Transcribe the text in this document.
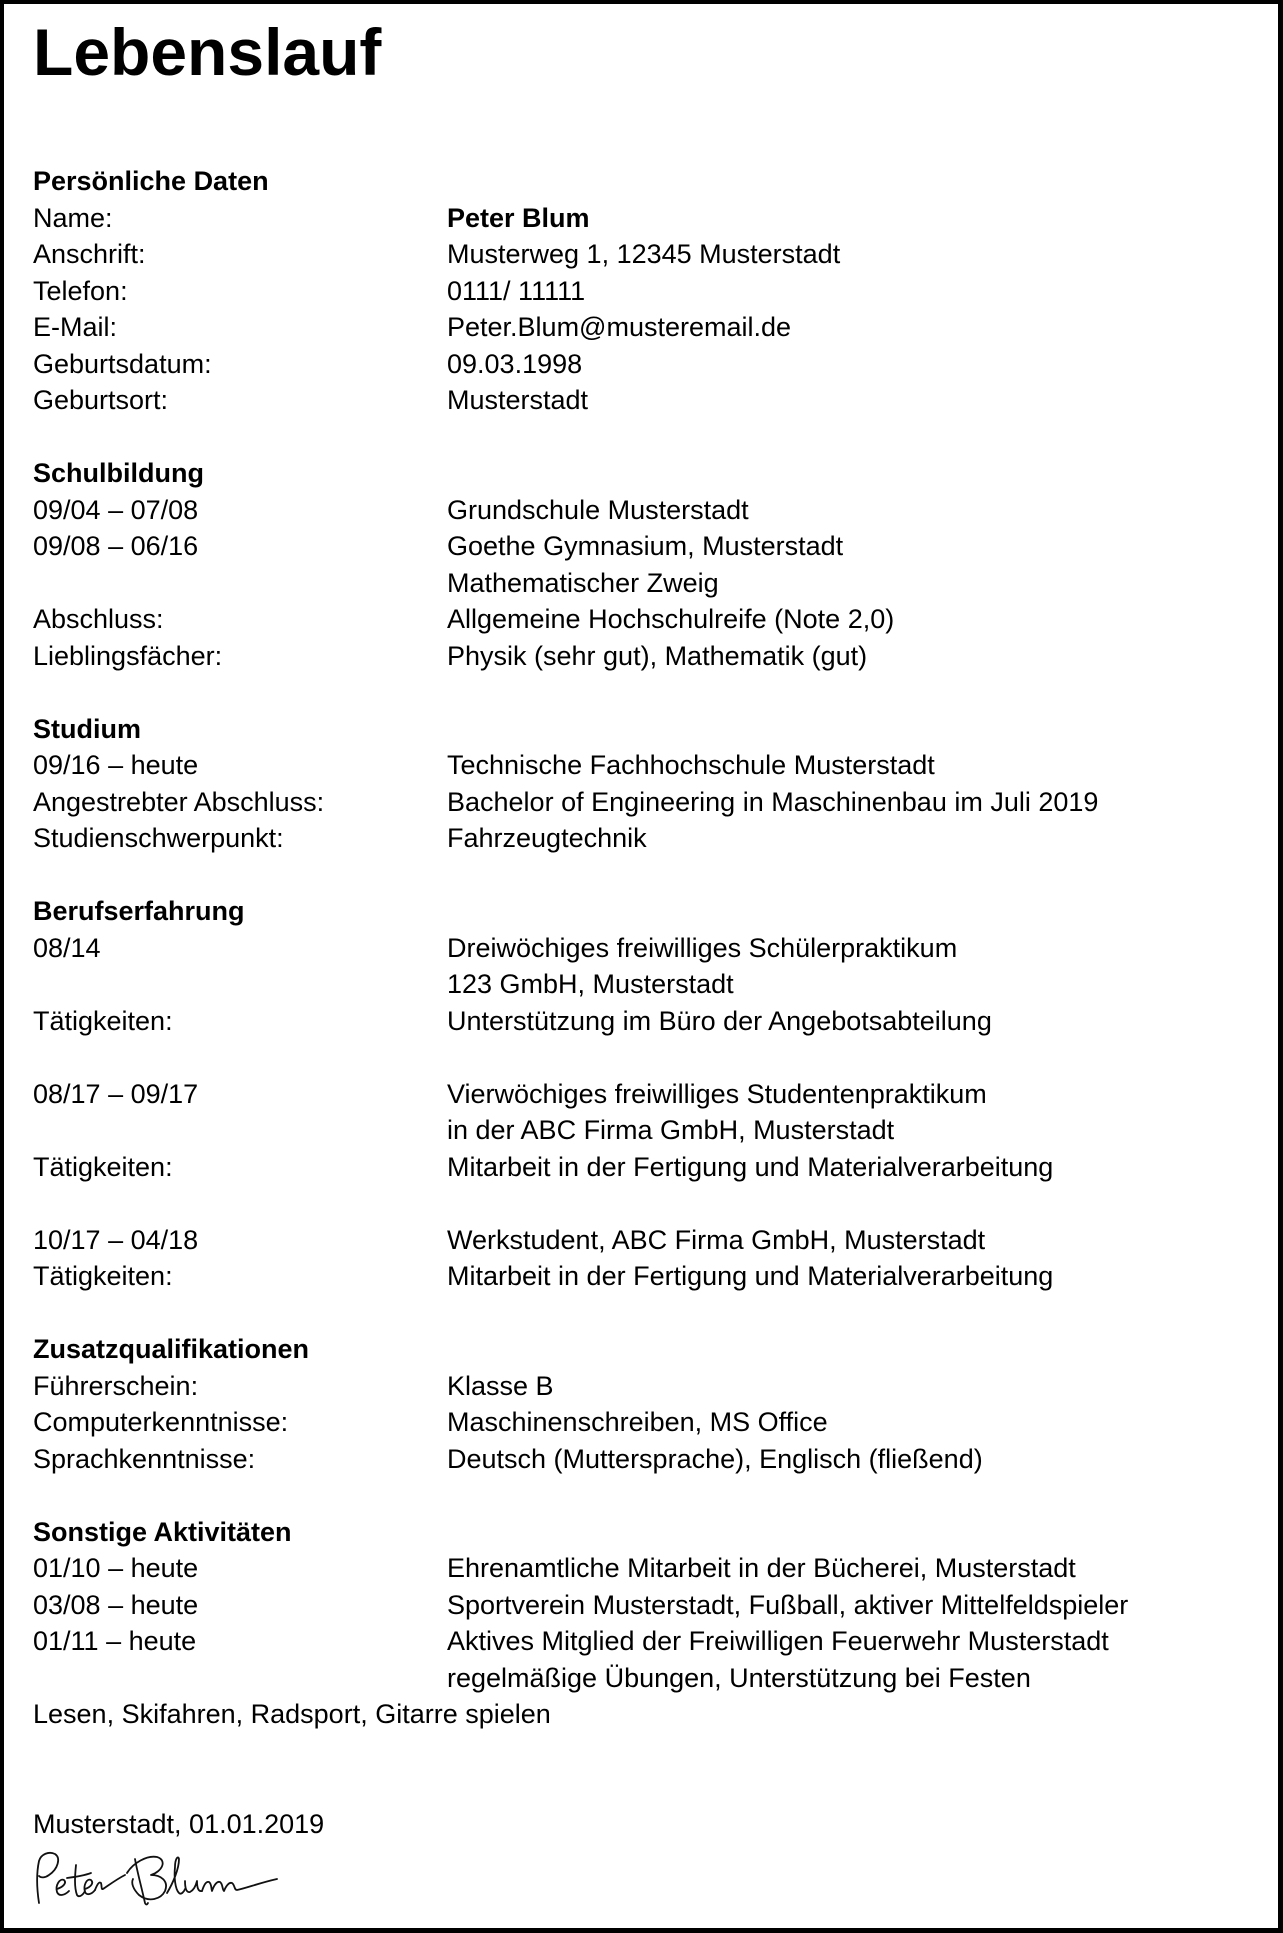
Lebenslauf
Persönliche Daten
Name:	Peter Blum
Anschrift:	Musterweg 1, 12345 Musterstadt
Telefon:	0111/ 11111
E-Mail:	Peter.Blum@musteremail.de
Geburtsdatum:	09.03.1998
Geburtsort:	Musterstadt
Schulbildung
09/04 – 07/08	Grundschule Musterstadt
09/08 – 06/16	Goethe Gymnasium, Musterstadt
Mathematischer Zweig
Abschluss:	Allgemeine Hochschulreife (Note 2,0)
Lieblingsfächer:	Physik (sehr gut), Mathematik (gut)
Studium
09/16 – heute	Technische Fachhochschule Musterstadt
Angestrebter Abschluss:	Bachelor of Engineering in Maschinenbau im Juli 2019
Studienschwerpunkt:	Fahrzeugtechnik
Berufserfahrung
08/14	Dreiwöchiges freiwilliges Schülerpraktikum
123 GmbH, Musterstadt
Tätigkeiten:	Unterstützung im Büro der Angebotsabteilung
08/17 – 09/17	Vierwöchiges freiwilliges Studentenpraktikum
in der ABC Firma GmbH, Musterstadt
Tätigkeiten:	Mitarbeit in der Fertigung und Materialverarbeitung
10/17 – 04/18	Werkstudent, ABC Firma GmbH, Musterstadt
Tätigkeiten:	Mitarbeit in der Fertigung und Materialverarbeitung
Zusatzqualifikationen
Führerschein:	Klasse B
Computerkenntnisse:	Maschinenschreiben, MS Office
Sprachkenntnisse:	Deutsch (Muttersprache), Englisch (fließend)
Sonstige Aktivitäten
01/10 – heute	Ehrenamtliche Mitarbeit in der Bücherei, Musterstadt
03/08 – heute	Sportverein Musterstadt, Fußball, aktiver Mittelfeldspieler
01/11 – heute	Aktives Mitglied der Freiwilligen Feuerwehr Musterstadt
regelmäßige Übungen, Unterstützung bei Festen
Lesen, Skifahren, Radsport, Gitarre spielen
Musterstadt, 01.01.2019
